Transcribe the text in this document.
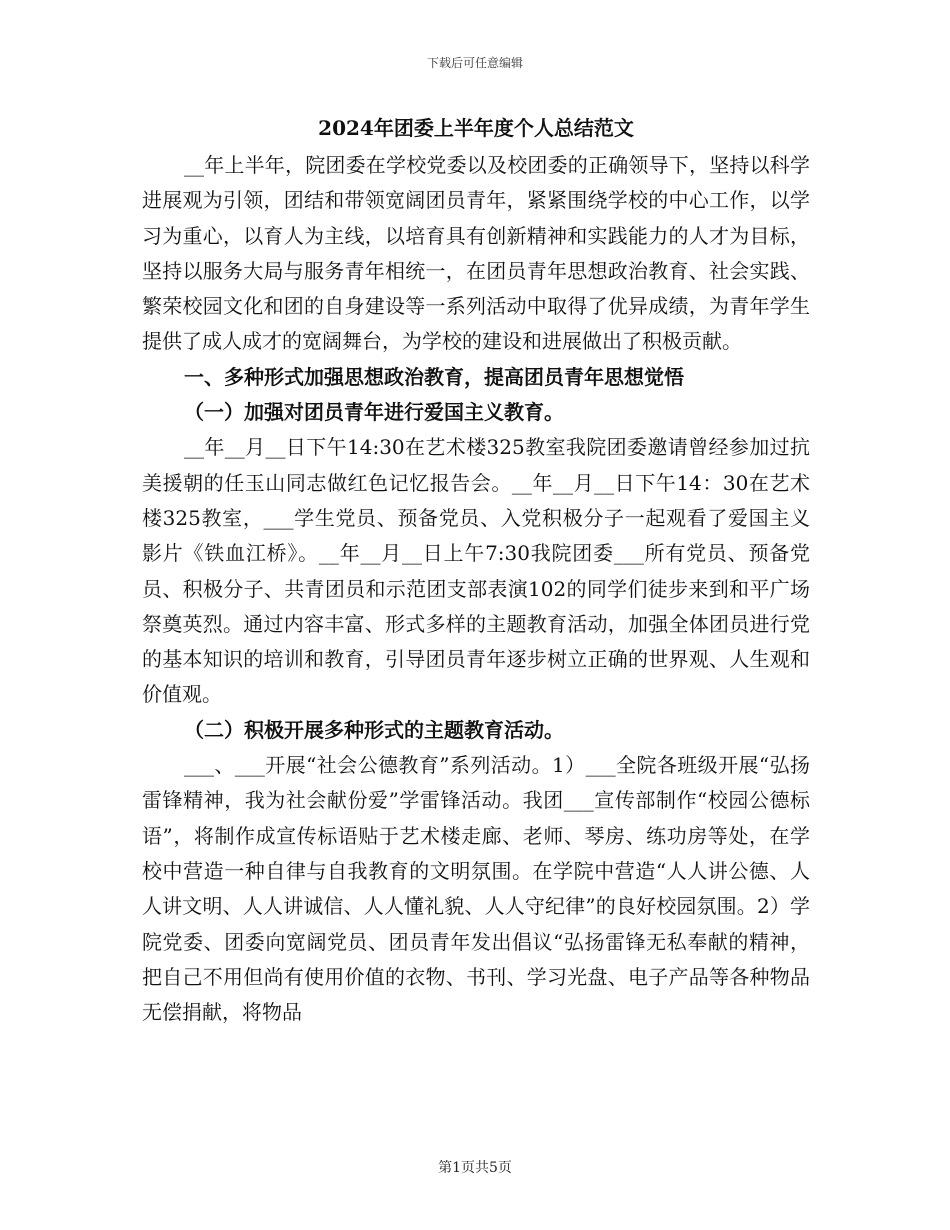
下载后可任意编辑
2024年团委上半年度个人总结范文

__年上半年，院团委在学校党委以及校团委的正确领导下，坚持以科学进展观为引领，团结和带领宽阔团员青年，紧紧围绕学校的中心工作，以学习为重心，以育人为主线，以培育具有创新精神和实践能力的人才为目标，坚持以服务大局与服务青年相统一，在团员青年思想政治教育、社会实践、繁荣校园文化和团的自身建设等一系列活动中取得了优异成绩，为青年学生提供了成人成才的宽阔舞台，为学校的建设和进展做出了积极贡献。

一、多种形式加强思想政治教育，提高团员青年思想觉悟
（一）加强对团员青年进行爱国主义教育。

__年__月__日下午14:30在艺术楼325教室我院团委邀请曾经参加过抗美援朝的任玉山同志做红色记忆报告会。__年__月__日下午14：30在艺术楼325教室，___学生党员、预备党员、入党积极分子一起观看了爱国主义影片《铁血江桥》。__年__月__日上午7:30我院团委___所有党员、预备党员、积极分子、共青团员和示范团支部表演102的同学们徒步来到和平广场祭奠英烈。通过内容丰富、形式多样的主题教育活动，加强全体团员进行党的基本知识的培训和教育，引导团员青年逐步树立正确的世界观、人生观和价值观。

（二）积极开展多种形式的主题教育活动。

___、___开展“社会公德教育”系列活动。1）___全院各班级开展“弘扬雷锋精神，我为社会献份爱”学雷锋活动。我团___宣传部制作“校园公德标语”，将制作成宣传标语贴于艺术楼走廊、老师、琴房、练功房等处，在学校中营造一种自律与自我教育的文明氛围。在学院中营造“人人讲公德、人人讲文明、人人讲诚信、人人懂礼貌、人人守纪律”的良好校园氛围。2）学院党委、团委向宽阔党员、团员青年发出倡议“弘扬雷锋无私奉献的精神，把自己不用但尚有使用价值的衣物、书刊、学习光盘、电子产品等各种物品无偿捐献，将物品

第1页共5页
